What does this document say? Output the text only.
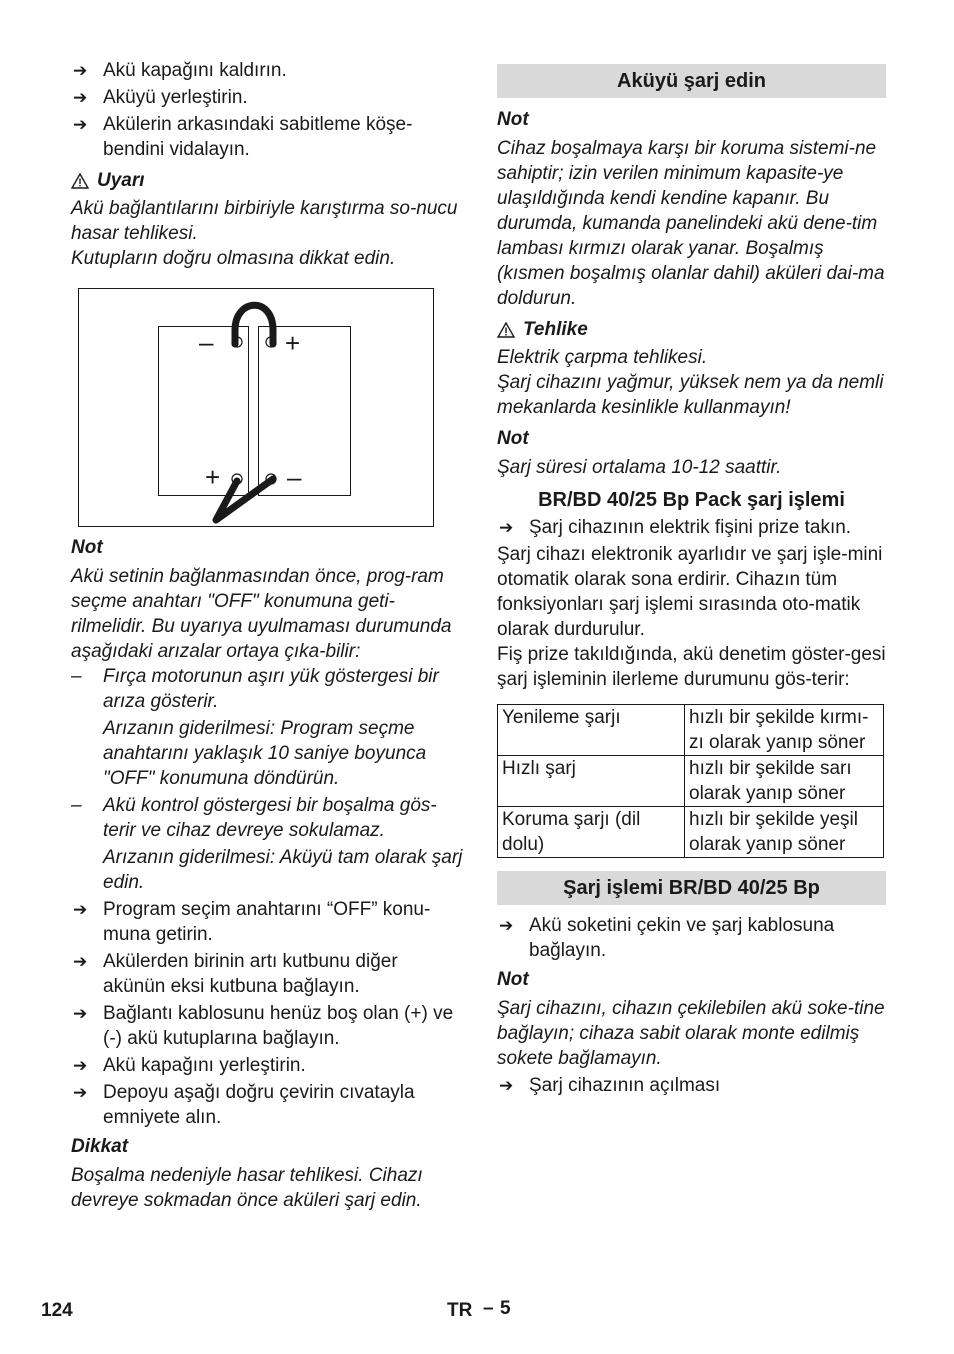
➔ Akü kapağını kaldırın.

➔ Aküyü yerleştirin.

➔ Akülerin arkasındaki sabitleme köşe-bendini vidalayın.

Uyarı

Akü bağlantılarını birbiriyle karıştırma so-nucu hasar tehlikesi.

Kutupların doğru olmasına dikkat edin.

–	+
+	–

Not

Akü setinin bağlanmasından önce, prog-ram seçme anahtarı "OFF" konumuna geti-rilmelidir. Bu uyarıya uyulmaması durumunda aşağıdaki arızalar ortaya çıka-bilir:

– Fırça motorunun aşırı yük göstergesi bir arıza gösterir.

Arızanın giderilmesi: Program seçme anahtarını yaklaşık 10 saniye boyunca "OFF" konumuna döndürün.

– Akü kontrol göstergesi bir boşalma gös-terir ve cihaz devreye sokulamaz.

Arızanın giderilmesi: Aküyü tam olarak şarj edin.

➔ Program seçim anahtarını “OFF” konu-muna getirin.

➔ Akülerden birinin artı kutbunu diğer akünün eksi kutbuna bağlayın.

➔ Bağlantı kablosunu henüz boş olan (+) ve (-) akü kutuplarına bağlayın.

➔ Akü kapağını yerleştirin.

➔ Depoyu aşağı doğru çevirin cıvatayla emniyete alın.

Dikkat

Boşalma nedeniyle hasar tehlikesi. Cihazı devreye sokmadan önce aküleri şarj edin.

Aküyü şarj edin

Not

Cihaz boşalmaya karşı bir koruma sistemi-ne sahiptir; izin verilen minimum kapasite-ye ulaşıldığında kendi kendine kapanır. Bu durumda, kumanda panelindeki akü dene-tim lambası kırmızı olarak yanar. Boşalmış (kısmen boşalmış olanlar dahil) aküleri dai-ma doldurun.

Tehlike

Elektrik çarpma tehlikesi.

Şarj cihazını yağmur, yüksek nem ya da nemli mekanlarda kesinlikle kullanmayın!

Not

Şarj süresi ortalama 10-12 saattir.

BR/BD 40/25 Bp Pack şarj işlemi

➔ Şarj cihazının elektrik fişini prize takın.

Şarj cihazı elektronik ayarlıdır ve şarj işle-mini otomatik olarak sona erdirir. Cihazın tüm fonksiyonları şarj işlemi sırasında oto-matik olarak durdurulur.

Fiş prize takıldığında, akü denetim göster-gesi şarj işleminin ilerleme durumunu gös-terir:

Yenileme şarjı	hızlı bir şekilde kırmı-zı olarak yanıp söner
Hızlı şarj	hızlı bir şekilde sarı olarak yanıp söner
Koruma şarjı (dil dolu)	hızlı bir şekilde yeşil olarak yanıp söner
Şarj işlemi BR/BD 40/25 Bp

➔ Akü soketini çekin ve şarj kablosuna bağlayın.

Not

Şarj cihazını, cihazın çekilebilen akü soke-tine bağlayın; cihaza sabit olarak monte edilmiş sokete bağlamayın.

➔ Şarj cihazının açılması

124	TR – 5
